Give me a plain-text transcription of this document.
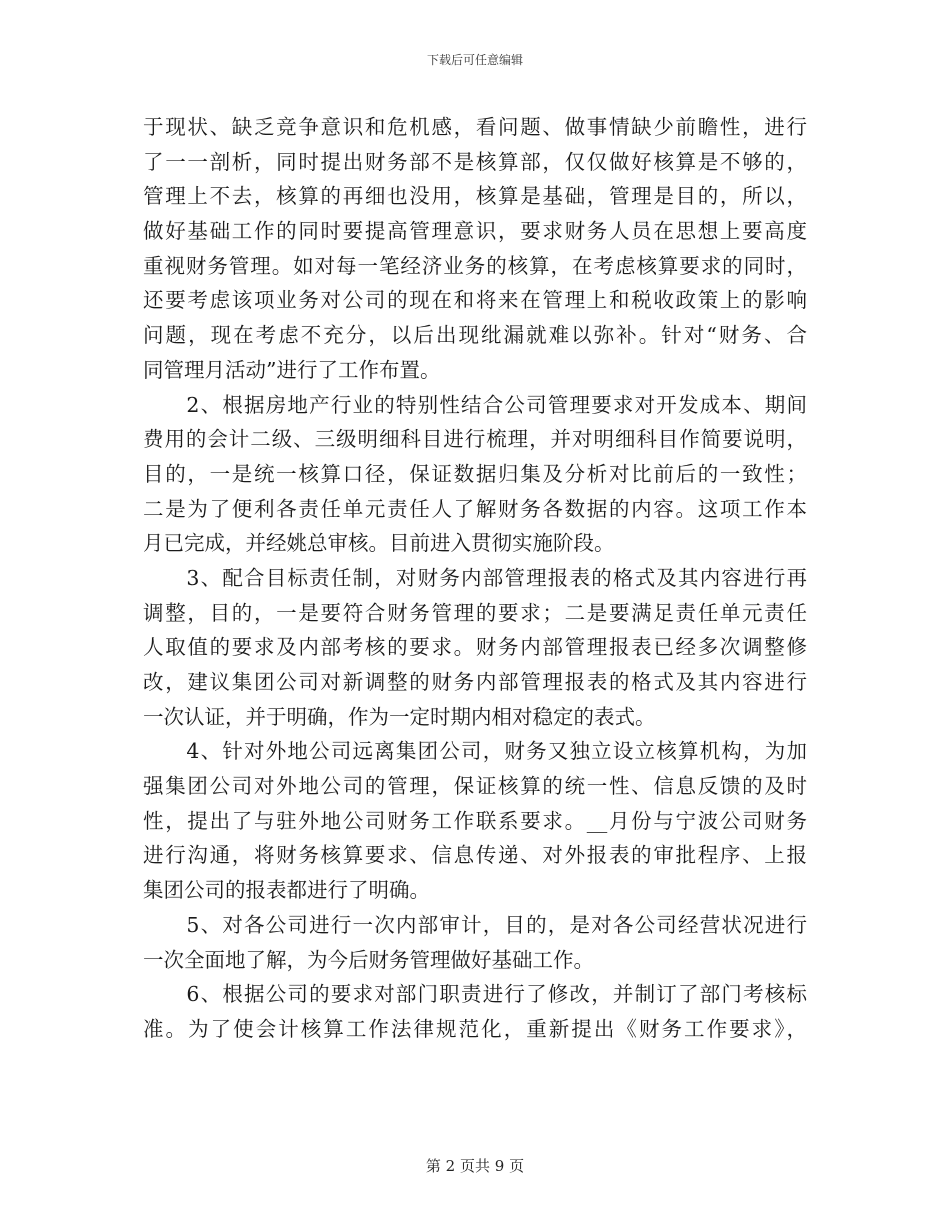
下载后可任意编辑
于现状、缺乏竞争意识和危机感，看问题、做事情缺少前瞻性，进行
了一一剖析，同时提出财务部不是核算部，仅仅做好核算是不够的，
管理上不去，核算的再细也没用，核算是基础，管理是目的，所以，
做好基础工作的同时要提高管理意识，要求财务人员在思想上要高度
重视财务管理。如对每一笔经济业务的核算，在考虑核算要求的同时，
还要考虑该项业务对公司的现在和将来在管理上和税收政策上的影响
问题，现在考虑不充分，以后出现纰漏就难以弥补。针对“财务、合
同管理月活动”进行了工作布置。
　　2、根据房地产行业的特别性结合公司管理要求对开发成本、期间
费用的会计二级、三级明细科目进行梳理，并对明细科目作简要说明，
目的，一是统一核算口径，保证数据归集及分析对比前后的一致性；
二是为了便利各责任单元责任人了解财务各数据的内容。这项工作本
月已完成，并经姚总审核。目前进入贯彻实施阶段。
　　3、配合目标责任制，对财务内部管理报表的格式及其内容进行再
调整，目的，一是要符合财务管理的要求；二是要满足责任单元责任
人取值的要求及内部考核的要求。财务内部管理报表已经多次调整修
改，建议集团公司对新调整的财务内部管理报表的格式及其内容进行
一次认证，并于明确，作为一定时期内相对稳定的表式。
　　4、针对外地公司远离集团公司，财务又独立设立核算机构，为加
强集团公司对外地公司的管理，保证核算的统一性、信息反馈的及时
性，提出了与驻外地公司财务工作联系要求。__月份与宁波公司财务
进行沟通，将财务核算要求、信息传递、对外报表的审批程序、上报
集团公司的报表都进行了明确。
　　5、对各公司进行一次内部审计，目的，是对各公司经营状况进行
一次全面地了解，为今后财务管理做好基础工作。
　　6、根据公司的要求对部门职责进行了修改，并制订了部门考核标
准。为了使会计核算工作法律规范化，重新提出《财务工作要求》，
第 2 页共 9 页
